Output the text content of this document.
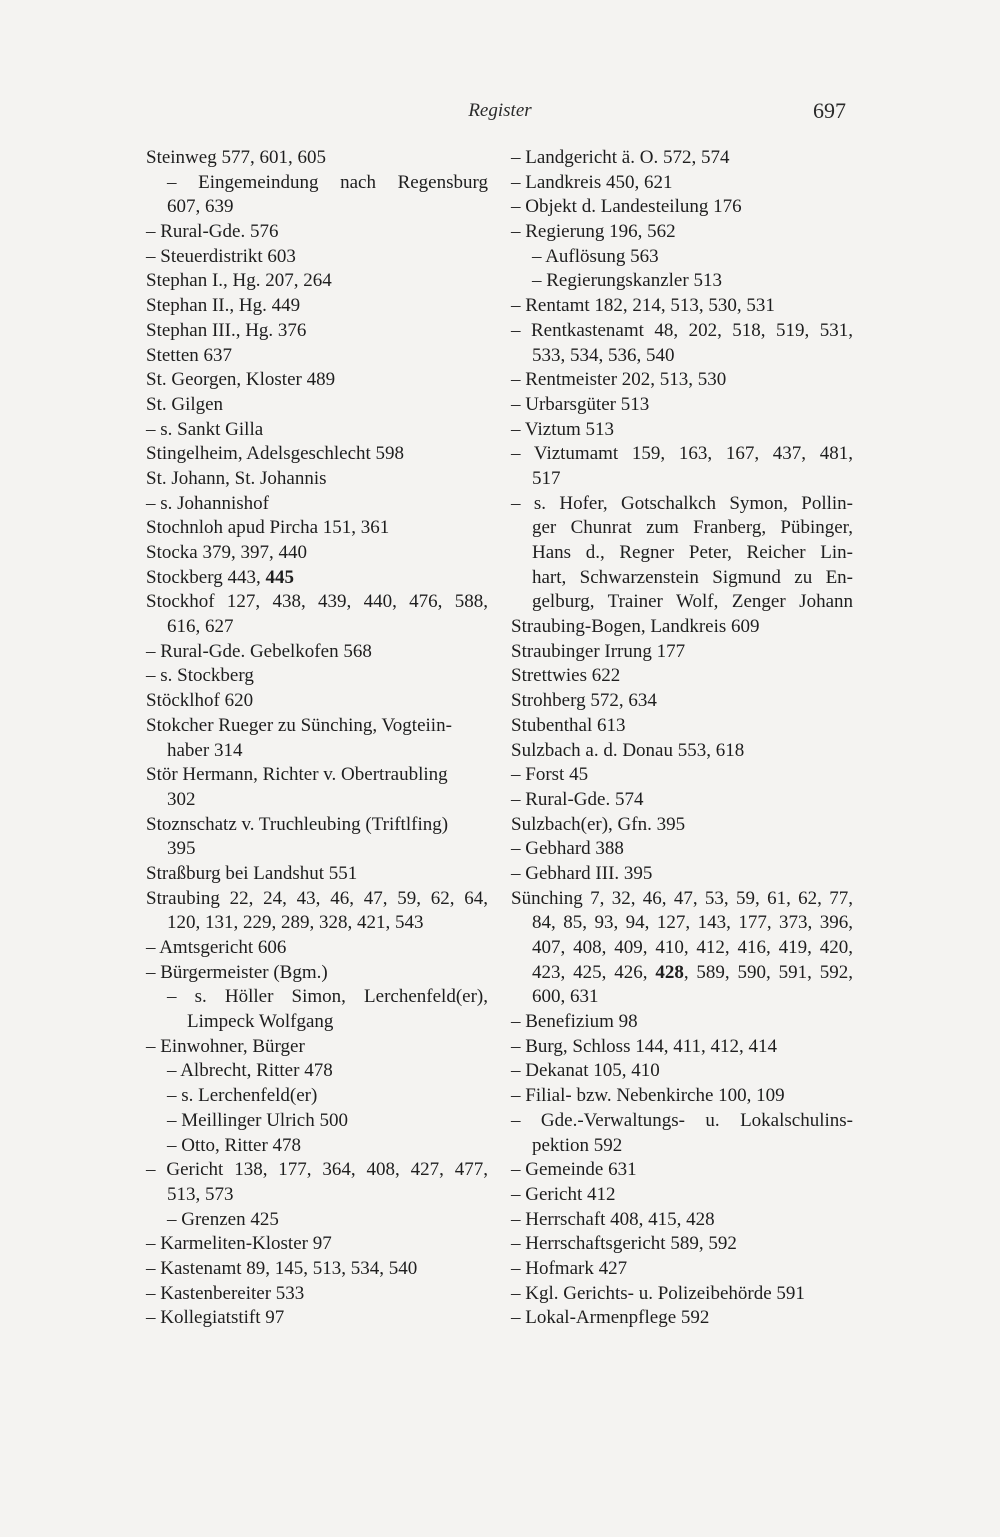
Register	697
Steinweg 577, 601, 605
– Eingemeindung nach Regensburg
607, 639
– Rural-Gde. 576
– Steuerdistrikt 603
Stephan I., Hg. 207, 264
Stephan II., Hg. 449
Stephan III., Hg. 376
Stetten 637
St. Georgen, Kloster 489
St. Gilgen
– s. Sankt Gilla
Stingelheim, Adelsgeschlecht 598
St. Johann, St. Johannis
– s. Johannishof
Stochnloh apud Pircha 151, 361
Stocka 379, 397, 440
Stockberg 443, 445
Stockhof 127, 438, 439, 440, 476, 588,
616, 627
– Rural-Gde. Gebelkofen 568
– s. Stockberg
Stöcklhof 620
Stokcher Rueger zu Sünching, Vogteiin-
haber 314
Stör Hermann, Richter v. Obertraubling
302
Stoznschatz v. Truchleubing (Triftlfing)
395
Straßburg bei Landshut 551
Straubing 22, 24, 43, 46, 47, 59, 62, 64,
120, 131, 229, 289, 328, 421, 543
– Amtsgericht 606
– Bürgermeister (Bgm.)
– s. Höller Simon, Lerchenfeld(er),
Limpeck Wolfgang
– Einwohner, Bürger
– Albrecht, Ritter 478
– s. Lerchenfeld(er)
– Meillinger Ulrich 500
– Otto, Ritter 478
– Gericht 138, 177, 364, 408, 427, 477,
513, 573
– Grenzen 425
– Karmeliten-Kloster 97
– Kastenamt 89, 145, 513, 534, 540
– Kastenbereiter 533
– Kollegiatstift 97
– Landgericht ä. O. 572, 574
– Landkreis 450, 621
– Objekt d. Landesteilung 176
– Regierung 196, 562
– Auflösung 563
– Regierungskanzler 513
– Rentamt 182, 214, 513, 530, 531
– Rentkastenamt 48, 202, 518, 519, 531,
533, 534, 536, 540
– Rentmeister 202, 513, 530
– Urbarsgüter 513
– Viztum 513
– Viztumamt 159, 163, 167, 437, 481,
517
– s. Hofer, Gotschalkch Symon, Pollin-
ger Chunrat zum Franberg, Pübinger,
Hans d., Regner Peter, Reicher Lin-
hart, Schwarzenstein Sigmund zu En-
gelburg, Trainer Wolf, Zenger Johann
Straubing-Bogen, Landkreis 609
Straubinger Irrung 177
Strettwies 622
Strohberg 572, 634
Stubenthal 613
Sulzbach a. d. Donau 553, 618
– Forst 45
– Rural-Gde. 574
Sulzbach(er), Gfn. 395
– Gebhard 388
– Gebhard III. 395
Sünching 7, 32, 46, 47, 53, 59, 61, 62, 77,
84, 85, 93, 94, 127, 143, 177, 373, 396,
407, 408, 409, 410, 412, 416, 419, 420,
423, 425, 426, 428, 589, 590, 591, 592,
600, 631
– Benefizium 98
– Burg, Schloss 144, 411, 412, 414
– Dekanat 105, 410
– Filial- bzw. Nebenkirche 100, 109
– Gde.-Verwaltungs- u. Lokalschulins-
pektion 592
– Gemeinde 631
– Gericht 412
– Herrschaft 408, 415, 428
– Herrschaftsgericht 589, 592
– Hofmark 427
– Kgl. Gerichts- u. Polizeibehörde 591
– Lokal-Armenpflege 592
